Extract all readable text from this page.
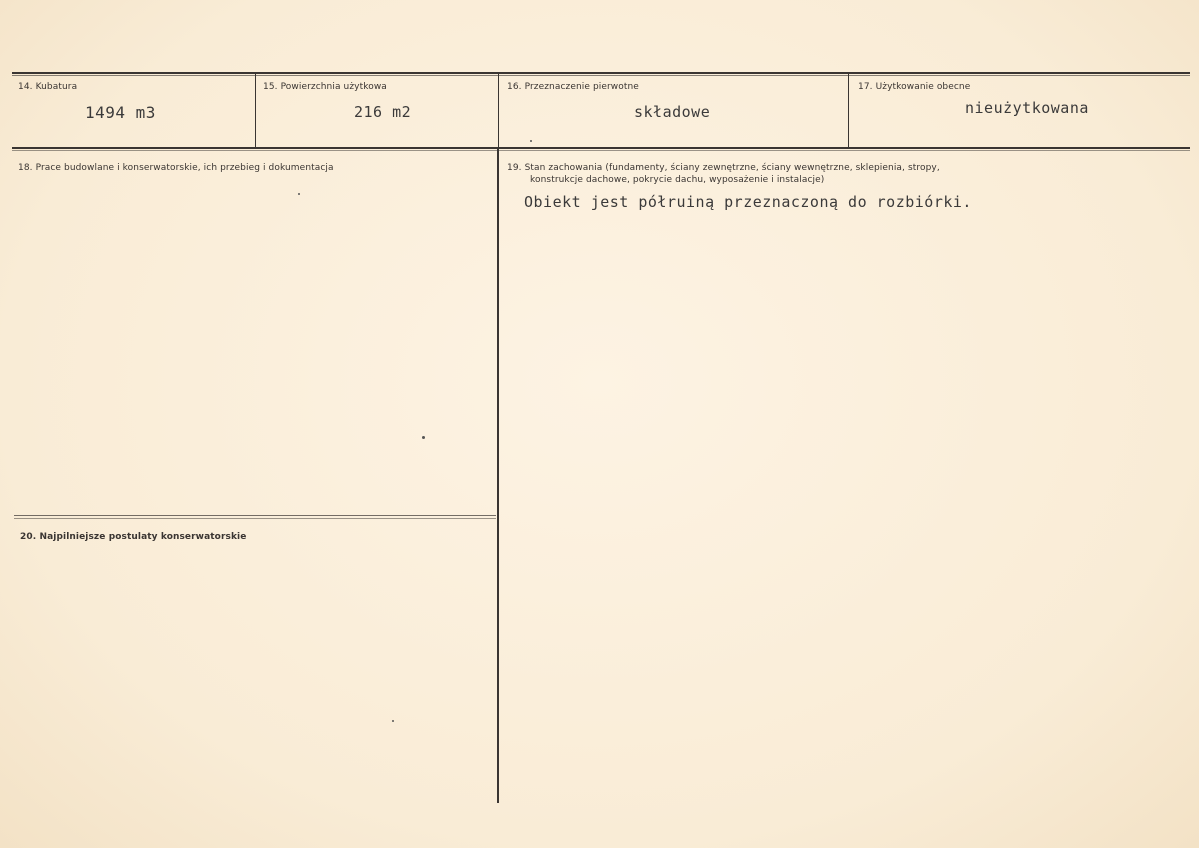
14. Kubatura
1494 m3
15. Powierzchnia użytkowa
216 m2
16. Przeznaczenie pierwotne
składowe
17. Użytkowanie obecne
nieużytkowana
18. Prace budowlane i konserwatorskie, ich przebieg i dokumentacja	19. Stan zachowania (fundamenty, ściany zewnętrzne, ściany wewnętrzne, sklepienia, stropy,
konstrukcje dachowe, pokrycie dachu, wyposażenie i instalacje)
Obiekt jest półruiną przeznaczoną do rozbiórki.
20. Najpilniejsze postulaty konserwatorskie
